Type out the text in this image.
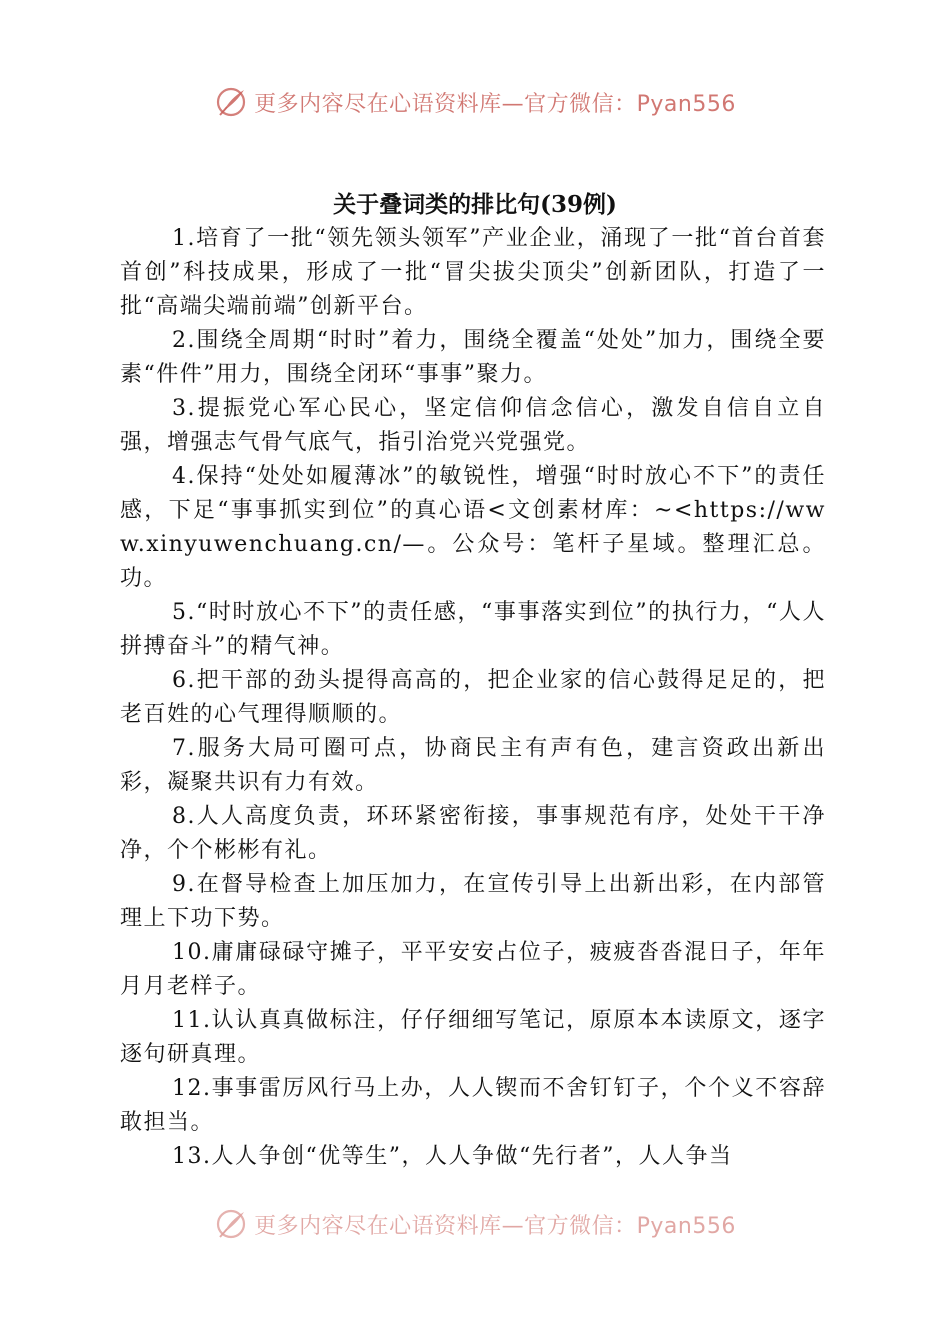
更多内容尽在心语资料库—官方微信：Pyan556
关于叠词类的排比句(39例)

1.培育了一批“领先领头领军”产业企业，涌现了一批“首台首套首创”科技成果，形成了一批“冒尖拔尖顶尖”创新团队，打造了一批“高端尖端前端”创新平台。

2.围绕全周期“时时”着力，围绕全覆盖“处处”加力，围绕全要素“件件”用力，围绕全闭环“事事”聚力。

3.提振党心军心民心，坚定信仰信念信心，激发自信自立自强，增强志气骨气底气，指引治党兴党强党。

4.保持“处处如履薄冰”的敏锐性，增强“时时放心不下”的责任感，下足“事事抓实到位”的真心语<文创素材库：~<https://www.xinyuwenchuang.cn/—。公众号：笔杆子星域。整理汇总。功。

5.“时时放心不下”的责任感，“事事落实到位”的执行力，“人人拼搏奋斗”的精气神。

6.把干部的劲头提得高高的，把企业家的信心鼓得足足的，把老百姓的心气理得顺顺的。

7.服务大局可圈可点，协商民主有声有色，建言资政出新出彩，凝聚共识有力有效。

8.人人高度负责，环环紧密衔接，事事规范有序，处处干干净净，个个彬彬有礼。

9.在督导检查上加压加力，在宣传引导上出新出彩，在内部管理上下功下势。

10.庸庸碌碌守摊子，平平安安占位子，疲疲沓沓混日子，年年月月老样子。

11.认认真真做标注，仔仔细细写笔记，原原本本读原文，逐字逐句研真理。

12.事事雷厉风行马上办，人人锲而不舍钉钉子，个个义不容辞敢担当。

13.人人争创“优等生”，人人争做“先行者”，人人争当

更多内容尽在心语资料库—官方微信：Pyan556
